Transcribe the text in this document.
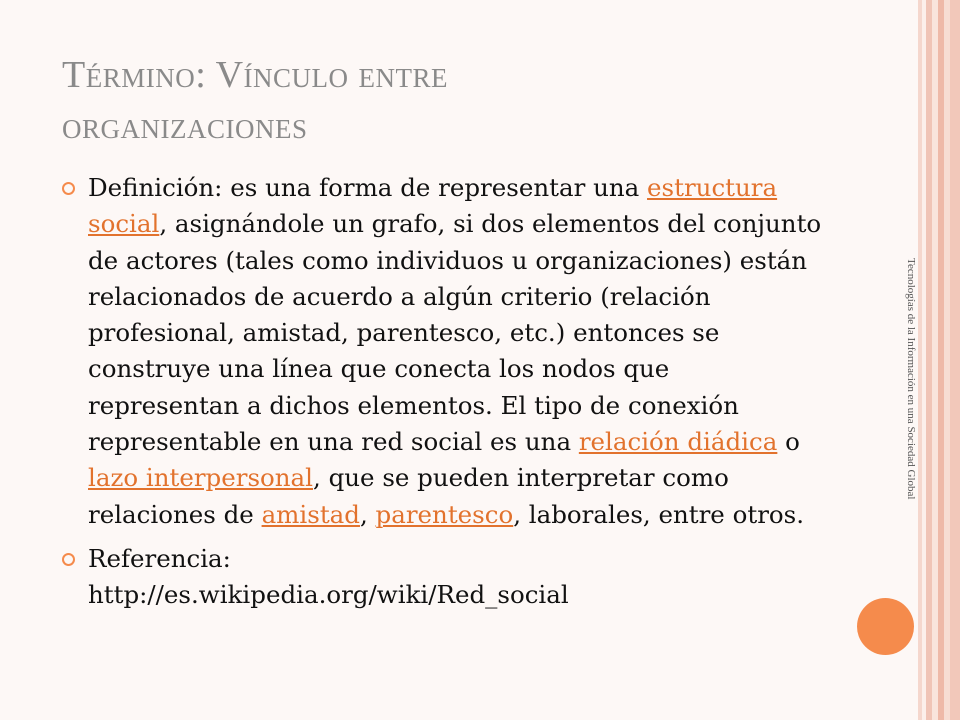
Tecnologías de la Información en una Sociedad Global
Término: Vínculo entre
organizaciones
Definición: es una forma de representar una estructura social, asignándole un grafo, si dos elementos del conjunto de actores (tales como individuos u organizaciones) están relacionados de acuerdo a algún criterio (relación profesional, amistad, parentesco, etc.) entonces se construye una línea que conecta los nodos que representan a dichos elementos. El tipo de conexión representable en una red social es una relación diádica o lazo interpersonal, que se pueden interpretar como relaciones de amistad, parentesco, laborales, entre otros.
Referencia:
http://es.wikipedia.org/wiki/Red_social
